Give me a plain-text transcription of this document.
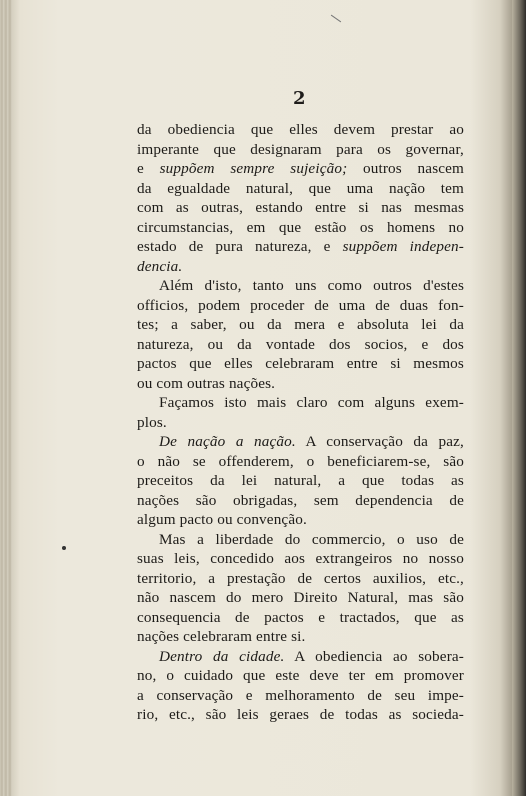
2
da obediencia que elles devem prestar ao
imperante que designaram para os governar,
e suppõem sempre sujeição; outros nascem
da egualdade natural, que uma nação tem
com as outras, estando entre si nas mesmas
circumstancias, em que estão os homens no
estado de pura natureza, e suppõem indepen-
dencia.
Além d'isto, tanto uns como outros d'estes
officios, podem proceder de uma de duas fon-
tes; a saber, ou da mera e absoluta lei da
natureza, ou da vontade dos socios, e dos
pactos que elles celebraram entre si mesmos
ou com outras nações.
Façamos isto mais claro com alguns exem-
plos.
De nação a nação. A conservação da paz,
o não se offenderem, o beneficiarem-se, são
preceitos da lei natural, a que todas as
nações são obrigadas, sem dependencia de
algum pacto ou convenção.
Mas a liberdade do commercio, o uso de
suas leis, concedido aos extrangeiros no nosso
territorio, a prestação de certos auxilios, etc.,
não nascem do mero Direito Natural, mas são
consequencia de pactos e tractados, que as
nações celebraram entre si.
Dentro da cidade. A obediencia ao sobera-
no, o cuidado que este deve ter em promover
a conservação e melhoramento de seu impe-
rio, etc., são leis geraes de todas as socieda-
